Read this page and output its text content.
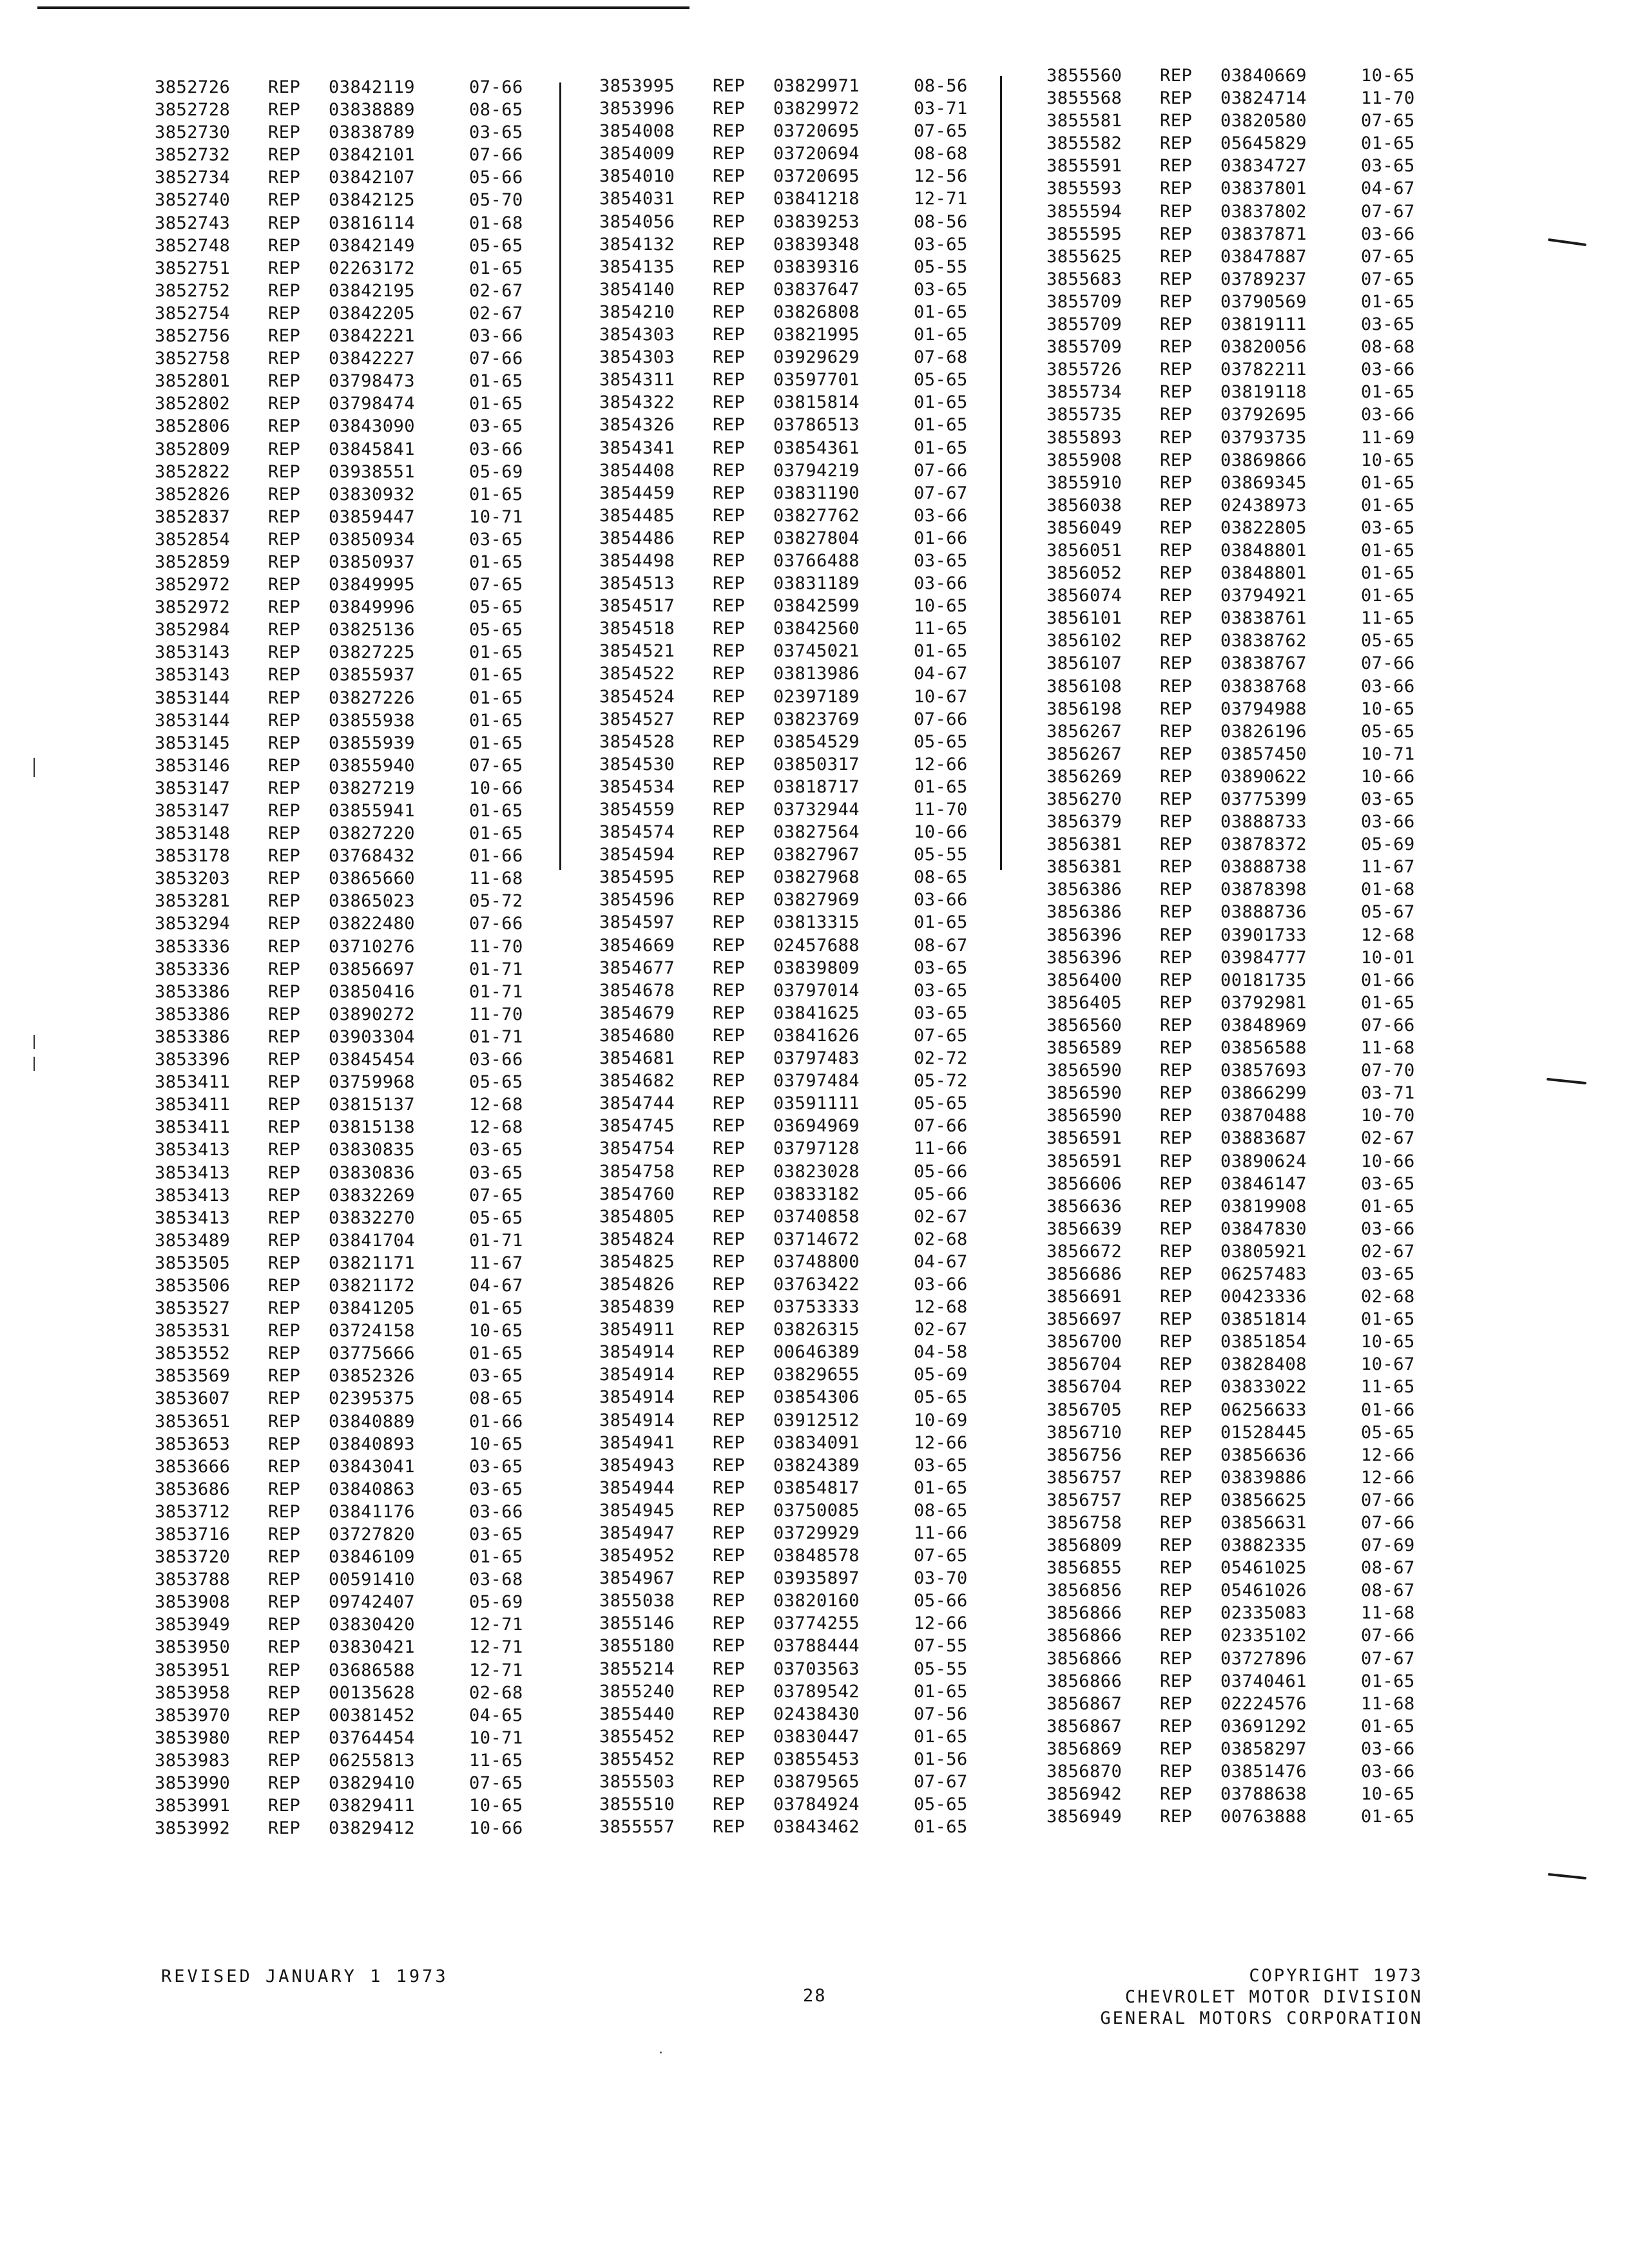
3852726 REP 03842119	07-66
3852728 REP 03838889	08-65
3852730 REP 03838789	03-65
3852732 REP 03842101	07-66
3852734 REP 03842107	05-66
3852740 REP 03842125	05-70
3852743 REP 03816114	01-68
3852748 REP 03842149	05-65
3852751 REP 02263172	01-65
3852752 REP 03842195	02-67
3852754 REP 03842205	02-67
3852756 REP 03842221	03-66
3852758 REP 03842227	07-66
3852801 REP 03798473	01-65
3852802 REP 03798474	01-65
3852806 REP 03843090	03-65
3852809 REP 03845841	03-66
3852822 REP 03938551	05-69
3852826 REP 03830932	01-65
3852837 REP 03859447	10-71
3852854 REP 03850934	03-65
3852859 REP 03850937	01-65
3852972 REP 03849995	07-65
3852972 REP 03849996	05-65
3852984 REP 03825136	05-65
3853143 REP 03827225	01-65
3853143 REP 03855937	01-65
3853144 REP 03827226	01-65
3853144 REP 03855938	01-65
3853145 REP 03855939	01-65
3853146 REP 03855940	07-65
3853147 REP 03827219	10-66
3853147 REP 03855941	01-65
3853148 REP 03827220	01-65
3853178 REP 03768432	01-66
3853203 REP 03865660	11-68
3853281 REP 03865023	05-72
3853294 REP 03822480	07-66
3853336 REP 03710276	11-70
3853336 REP 03856697	01-71
3853386 REP 03850416	01-71
3853386 REP 03890272	11-70
3853386 REP 03903304	01-71
3853396 REP 03845454	03-66
3853411 REP 03759968	05-65
3853411 REP 03815137	12-68
3853411 REP 03815138	12-68
3853413 REP 03830835	03-65
3853413 REP 03830836	03-65
3853413 REP 03832269	07-65
3853413 REP 03832270	05-65
3853489 REP 03841704	01-71
3853505 REP 03821171	11-67
3853506 REP 03821172	04-67
3853527 REP 03841205	01-65
3853531 REP 03724158	10-65
3853552 REP 03775666	01-65
3853569 REP 03852326	03-65
3853607 REP 02395375	08-65
3853651 REP 03840889	01-66
3853653 REP 03840893	10-65
3853666 REP 03843041	03-65
3853686 REP 03840863	03-65
3853712 REP 03841176	03-66
3853716 REP 03727820	03-65
3853720 REP 03846109	01-65
3853788 REP 00591410	03-68
3853908 REP 09742407	05-69
3853949 REP 03830420	12-71
3853950 REP 03830421	12-71
3853951 REP 03686588	12-71
3853958 REP 00135628	02-68
3853970 REP 00381452	04-65
3853980 REP 03764454	10-71
3853983 REP 06255813	11-65
3853990 REP 03829410	07-65
3853991 REP 03829411	10-65
3853992 REP 03829412	10-66
3853995 REP 03829971	08-56
3853996 REP 03829972	03-71
3854008 REP 03720695	07-65
3854009 REP 03720694	08-68
3854010 REP 03720695	12-56
3854031 REP 03841218	12-71
3854056 REP 03839253	08-56
3854132 REP 03839348	03-65
3854135 REP 03839316	05-55
3854140 REP 03837647	03-65
3854210 REP 03826808	01-65
3854303 REP 03821995	01-65
3854303 REP 03929629	07-68
3854311 REP 03597701	05-65
3854322 REP 03815814	01-65
3854326 REP 03786513	01-65
3854341 REP 03854361	01-65
3854408 REP 03794219	07-66
3854459 REP 03831190	07-67
3854485 REP 03827762	03-66
3854486 REP 03827804	01-66
3854498 REP 03766488	03-65
3854513 REP 03831189	03-66
3854517 REP 03842599	10-65
3854518 REP 03842560	11-65
3854521 REP 03745021	01-65
3854522 REP 03813986	04-67
3854524 REP 02397189	10-67
3854527 REP 03823769	07-66
3854528 REP 03854529	05-65
3854530 REP 03850317	12-66
3854534 REP 03818717	01-65
3854559 REP 03732944	11-70
3854574 REP 03827564	10-66
3854594 REP 03827967	05-55
3854595 REP 03827968	08-65
3854596 REP 03827969	03-66
3854597 REP 03813315	01-65
3854669 REP 02457688	08-67
3854677 REP 03839809	03-65
3854678 REP 03797014	03-65
3854679 REP 03841625	03-65
3854680 REP 03841626	07-65
3854681 REP 03797483	02-72
3854682 REP 03797484	05-72
3854744 REP 03591111	05-65
3854745 REP 03694969	07-66
3854754 REP 03797128	11-66
3854758 REP 03823028	05-66
3854760 REP 03833182	05-66
3854805 REP 03740858	02-67
3854824 REP 03714672	02-68
3854825 REP 03748800	04-67
3854826 REP 03763422	03-66
3854839 REP 03753333	12-68
3854911 REP 03826315	02-67
3854914 REP 00646389	04-58
3854914 REP 03829655	05-69
3854914 REP 03854306	05-65
3854914 REP 03912512	10-69
3854941 REP 03834091	12-66
3854943 REP 03824389	03-65
3854944 REP 03854817	01-65
3854945 REP 03750085	08-65
3854947 REP 03729929	11-66
3854952 REP 03848578	07-65
3854967 REP 03935897	03-70
3855038 REP 03820160	05-66
3855146 REP 03774255	12-66
3855180 REP 03788444	07-55
3855214 REP 03703563	05-55
3855240 REP 03789542	01-65
3855440 REP 02438430	07-56
3855452 REP 03830447	01-65
3855452 REP 03855453	01-56
3855503 REP 03879565	07-67
3855510 REP 03784924	05-65
3855557 REP 03843462	01-65
3855560 REP 03840669	10-65
3855568 REP 03824714	11-70
3855581 REP 03820580	07-65
3855582 REP 05645829	01-65
3855591 REP 03834727	03-65
3855593 REP 03837801	04-67
3855594 REP 03837802	07-67
3855595 REP 03837871	03-66
3855625 REP 03847887	07-65
3855683 REP 03789237	07-65
3855709 REP 03790569	01-65
3855709 REP 03819111	03-65
3855709 REP 03820056	08-68
3855726 REP 03782211	03-66
3855734 REP 03819118	01-65
3855735 REP 03792695	03-66
3855893 REP 03793735	11-69
3855908 REP 03869866	10-65
3855910 REP 03869345	01-65
3856038 REP 02438973	01-65
3856049 REP 03822805	03-65
3856051 REP 03848801	01-65
3856052 REP 03848801	01-65
3856074 REP 03794921	01-65
3856101 REP 03838761	11-65
3856102 REP 03838762	05-65
3856107 REP 03838767	07-66
3856108 REP 03838768	03-66
3856198 REP 03794988	10-65
3856267 REP 03826196	05-65
3856267 REP 03857450	10-71
3856269 REP 03890622	10-66
3856270 REP 03775399	03-65
3856379 REP 03888733	03-66
3856381 REP 03878372	05-69
3856381 REP 03888738	11-67
3856386 REP 03878398	01-68
3856386 REP 03888736	05-67
3856396 REP 03901733	12-68
3856396 REP 03984777	10-01
3856400 REP 00181735	01-66
3856405 REP 03792981	01-65
3856560 REP 03848969	07-66
3856589 REP 03856588	11-68
3856590 REP 03857693	07-70
3856590 REP 03866299	03-71
3856590 REP 03870488	10-70
3856591 REP 03883687	02-67
3856591 REP 03890624	10-66
3856606 REP 03846147	03-65
3856636 REP 03819908	01-65
3856639 REP 03847830	03-66
3856672 REP 03805921	02-67
3856686 REP 06257483	03-65
3856691 REP 00423336	02-68
3856697 REP 03851814	01-65
3856700 REP 03851854	10-65
3856704 REP 03828408	10-67
3856704 REP 03833022	11-65
3856705 REP 06256633	01-66
3856710 REP 01528445	05-65
3856756 REP 03856636	12-66
3856757 REP 03839886	12-66
3856757 REP 03856625	07-66
3856758 REP 03856631	07-66
3856809 REP 03882335	07-69
3856855 REP 05461025	08-67
3856856 REP 05461026	08-67
3856866 REP 02335083	11-68
3856866 REP 02335102	07-66
3856866 REP 03727896	07-67
3856866 REP 03740461	01-65
3856867 REP 02224576	11-68
3856867 REP 03691292	01-65
3856869 REP 03858297	03-66
3856870 REP 03851476	03-66
3856942 REP 03788638	10-65
3856949 REP 00763888	01-65
REVISED JANUARY 1 1973
28
COPYRIGHT 1973
CHEVROLET MOTOR DIVISION
GENERAL MOTORS CORPORATION
